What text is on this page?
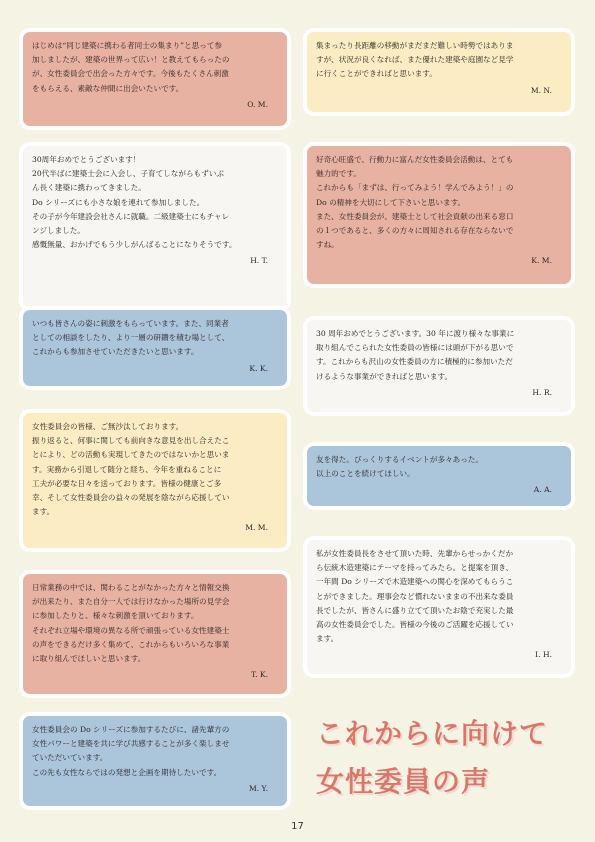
はじめは“同じ建築に携わる者同士の集まり”と思って参
加しましたが、建築の世界って広い！と教えてもらったの
が、女性委員会で出会った方々です。今後もたくさん刺激
をもらえる、素敵な仲間に出会いたいです。
O. M.
30周年おめでとうございます！
20代半ばに建築士会に入会し、子育てしながらもずいぶ
ん長く建築に携わってきました。
Do シリーズにも小さな娘を連れて参加しました。
その子が今年建設会社さんに就職。二級建築士にもチャレ
ンジしました。
感慨無量、おかげでもう少しがんばることになりそうです。
H. T.
いつも皆さんの姿に刺激をもらっています。また、同業者
としての相談をしたり、より一層の研鑽を積む場として、
これからも参加させていただきたいと思います。
K. K.
女性委員会の皆様、ご無沙汰しております。
振り返ると、何事に関しても前向きな意見を出し合えたこ
とにより、どの活動も実現してきたのではないかと思いま
す。実務から引退して随分と経ち、今年を重ねることに
工夫が必要な日々を送っております。皆様の健康とご多
幸、そして女性委員会の益々の発展を陰ながら応援してい
ます。
M. M.
日常業務の中では、関わることがなかった方々と情報交換
が出来たり、また自分一人では行けなかった場所の見学会
に参加したりと、様々な刺激を頂いております。
それぞれ立場や環境の異なる所で頑張っている女性建築士
の声をできるだけ多く集めて、これからもいろいろな事業
に取り組んでほしいと思います。
T. K.
女性委員会の Do シリーズに参加するたびに、諸先輩方の
女性パワーと建築を共に学び共感することが多く楽しませ
ていただいています。
この先も女性ならではの発想と企画を期待したいです。
M. Y.
集まったり長距離の移動がまだまだ難しい時勢ではありま
すが、状況が良くなれば、また優れた建築や庭園など見学
に行くことができればと思います。
M. N.
好奇心旺盛で、行動力に富んだ女性委員会活動は、とても
魅力的です。
これからも「まずは、行ってみよう！学んでみよう！」の
Do の精神を大切にして下さいと思います。
また、女性委員会が、建築士として社会貢献の出来る窓口
の１つであると、多くの方々に周知される存在ならないで
すね。
K. M.
30 周年おめでとうございます。30 年に渡り様々な事業に
取り組んでこられた女性委員の皆様には頭が下がる思いで
す。これからも沢山の女性委員の方に積極的に参加いただ
けるような事業ができればと思います。
H. R.
友を得た。びっくりするイベントが多々あった。
以上のことを続けてほしい。
A. A.
私が女性委員長をさせて頂いた時、先輩からせっかくだか
ら伝統木造建築にテーマを持ってみたら。と提案を頂き、
一年間 Do シリーズで木造建築への関心を深めてもらうこ
とができました。理事会など慣れないままの不出来な委員
長でしたが、皆さんに盛り立てて頂いたお陰で充実した最
高の女性委員会でした。皆様の今後のご活躍を応援してい
ます。
I. H.
これからに向けて
女性委員の声
17
